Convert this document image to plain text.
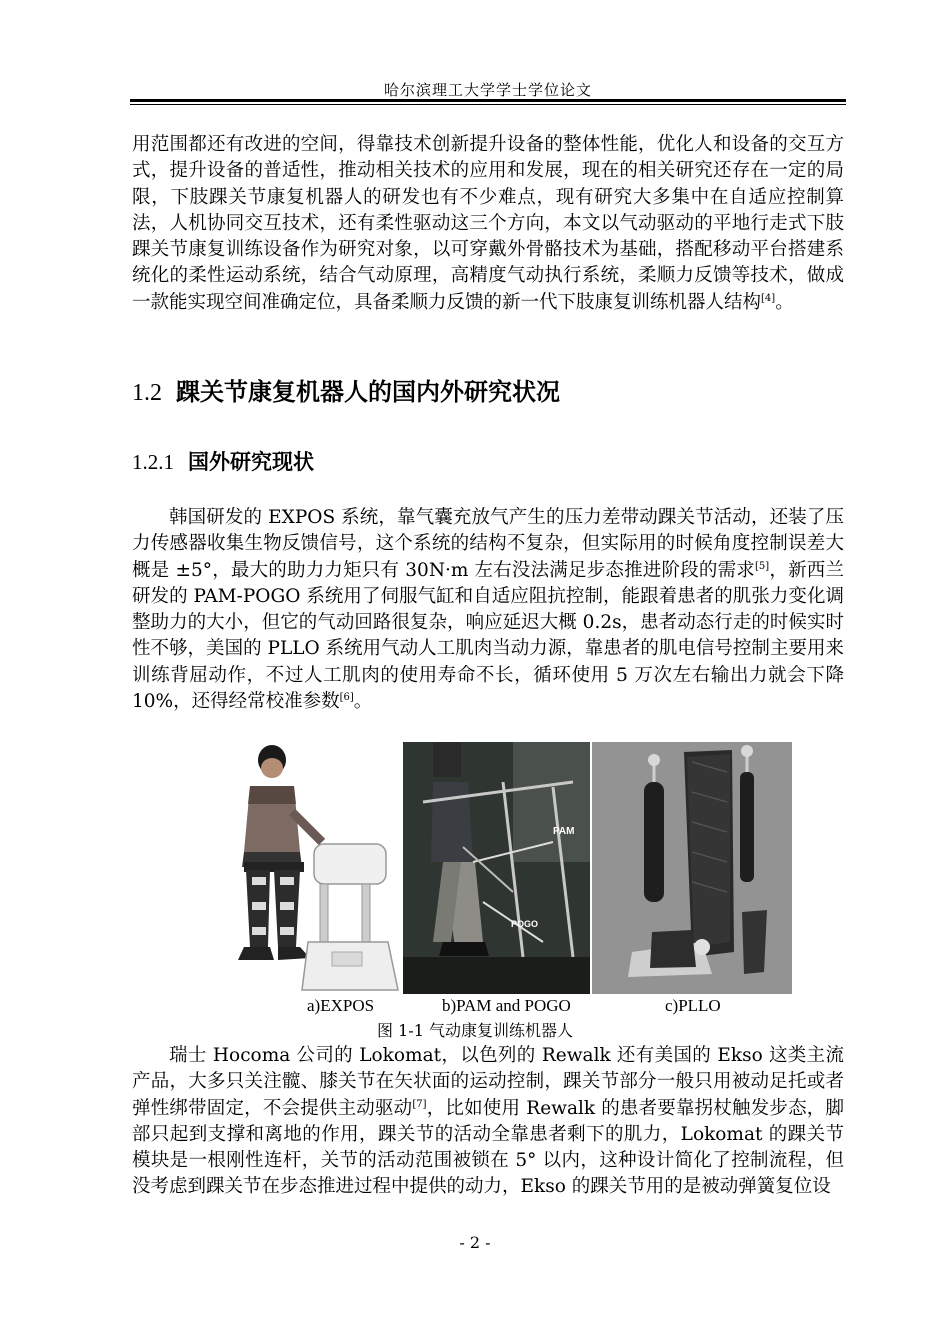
哈尔滨理工大学学士学位论文

用范围都还有改进的空间，得靠技术创新提升设备的整体性能，优化人和设备的交互方式，提升设备的普适性，推动相关技术的应用和发展，现在的相关研究还存在一定的局限，下肢踝关节康复机器人的研发也有不少难点，现有研究大多集中在自适应控制算法，人机协同交互技术，还有柔性驱动这三个方向，本文以气动驱动的平地行走式下肢踝关节康复训练设备作为研究对象，以可穿戴外骨骼技术为基础，搭配移动平台搭建系统化的柔性运动系统，结合气动原理，高精度气动执行系统，柔顺力反馈等技术，做成一款能实现空间准确定位，具备柔顺力反馈的新一代下肢康复训练机器人结构[4]。

1.2 踝关节康复机器人的国内外研究状况
1.2.1 国外研究现状

韩国研发的 EXPOS 系统，靠气囊充放气产生的压力差带动踝关节活动，还装了压力传感器收集生物反馈信号，这个系统的结构不复杂，但实际用的时候角度控制误差大概是 ±5°，最大的助力力矩只有 30N·m 左右没法满足步态推进阶段的需求[5]，新西兰研发的 PAM-POGO 系统用了伺服气缸和自适应阻抗控制，能跟着患者的肌张力变化调整助力的大小，但它的气动回路很复杂，响应延迟大概 0.2s，患者动态行走的时候实时性不够，美国的 PLLO 系统用气动人工肌肉当动力源，靠患者的肌电信号控制主要用来训练背屈动作，不过人工肌肉的使用寿命不长，循环使用 5 万次左右输出力就会下降 10%，还得经常校准参数[6]。

PAM
POGO
a)EXPOS	b)PAM and POGO	c)PLLO
图 1-1 气动康复训练机器人

瑞士 Hocoma 公司的 Lokomat，以色列的 Rewalk 还有美国的 Ekso 这类主流产品，大多只关注髋、膝关节在矢状面的运动控制，踝关节部分一般只用被动足托或者弹性绑带固定，不会提供主动驱动[7]，比如使用 Rewalk 的患者要靠拐杖触发步态，脚部只起到支撑和离地的作用，踝关节的活动全靠患者剩下的肌力，Lokomat 的踝关节模块是一根刚性连杆，关节的活动范围被锁在 5° 以内，这种设计简化了控制流程，但没考虑到踝关节在步态推进过程中提供的动力，Ekso 的踝关节用的是被动弹簧复位设

- 2 -
